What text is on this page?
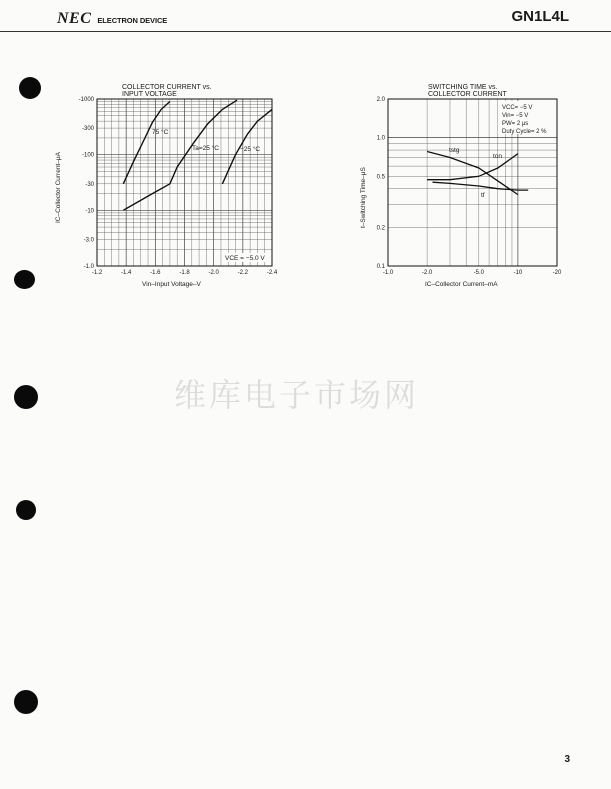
NEC ELECTRON DEVICE	GN1L4L
维库电子市场网
COLLECTOR CURRENT vs.
INPUT VOLTAGE
-1000
-300
-100
-30
-10
-3.0
-1.0
-1.2	-1.4	-1.6	-1.8	-2.0	-2.2	-2.4
75 °C
Ta=25 °C	−25 °C
VCE = −5.0 V
Vin–Input Voltage–V
IC–Collector Current–μA
SWITCHING TIME vs.
COLLECTOR CURRENT
2.0
1.0
0.5
0.2
0.1
-1.0	-2.0	-5.0	-10	-20
VCC= −5 V
Vin= −5 V
PW= 2 μs
Duty Cycle= 2 %
tstg
ton
tf
IC–Collector Current–mA
t–Switching Time–μS
3
